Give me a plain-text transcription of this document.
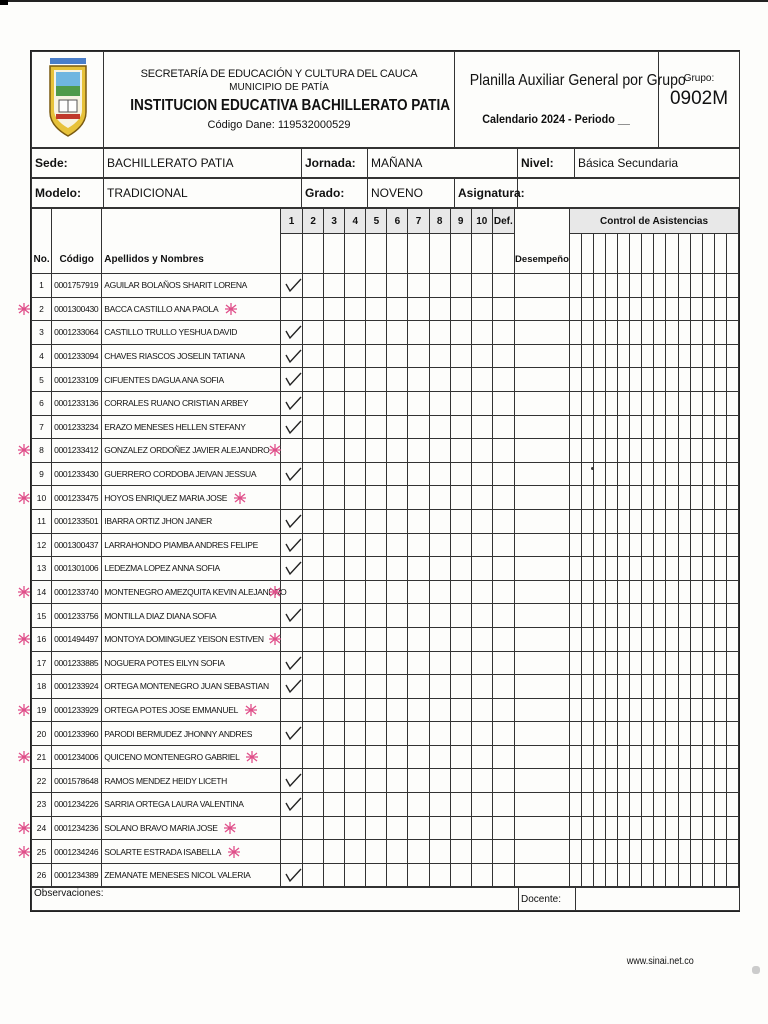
SECRETARÍA DE EDUCACIÓN Y CULTURA DEL CAUCA
MUNICIPIO DE PATÍA
INSTITUCION EDUCATIVA BACHILLERATO PATIA
Código Dane: 119532000529

Planilla Auxiliar General por Grupo
Calendario 2024 - Periodo __

Grupo:
0902M
Sede:	BACHILLERATO PATIA	Jornada:	MAÑANA	Nivel:	Básica Secundaria
Modelo:	TRADICIONAL	Grado:	NOVENO	Asignatura:	
No.	Código	Apellidos y Nombres	1	2	3	4	5	6	7	8	9	10	Def.	Desempeño	Control de Asistencias													

1	0001757919	AGUILAR BOLAÑOS SHARIT LORENA	

2	0001300430	BACCA CASTILLO ANA PAOLA																										
3	0001233064	CASTILLO TRULLO YESHUA DAVID	

4	0001233094	CHAVES RIASCOS JOSELIN TATIANA	

5	0001233109	CIFUENTES DAGUA ANA SOFIA	

6	0001233136	CORRALES RUANO CRISTIAN ARBEY	

7	0001233234	ERAZO MENESES HELLEN STEFANY	

8	0001233412	GONZALEZ ORDOÑEZ JAVIER ALEJANDRO																										
9	0001233430	GUERRERO CORDOBA JEIVAN JESSUA	

10	0001233475	HOYOS ENRIQUEZ MARIA JOSE																										
11	0001233501	IBARRA ORTIZ JHON JANER	

12	0001300437	LARRAHONDO PIAMBA ANDRES FELIPE	

13	0001301006	LEDEZMA LOPEZ ANNA SOFIA	

14	0001233740	MONTENEGRO AMEZQUITA KEVIN ALEJANDRO																										
15	0001233756	MONTILLA DIAZ DIANA SOFIA	

16	0001494497	MONTOYA DOMINGUEZ YEISON ESTIVEN																										
17	0001233885	NOGUERA POTES EILYN SOFIA	

18	0001233924	ORTEGA MONTENEGRO JUAN SEBASTIAN	

19	0001233929	ORTEGA POTES JOSE EMMANUEL																										
20	0001233960	PARODI BERMUDEZ JHONNY ANDRES	

21	0001234006	QUICENO MONTENEGRO GABRIEL																										
22	0001578648	RAMOS MENDEZ HEIDY LICETH	

23	0001234226	SARRIA ORTEGA LAURA VALENTINA	

24	0001234236	SOLANO BRAVO MARIA JOSE																										
25	0001234246	SOLARTE ESTRADA ISABELLA																										
26	0001234389	ZEMANATE MENESES NICOL VALERIA	

Observaciones:	Docente:	
www.sinai.net.co
